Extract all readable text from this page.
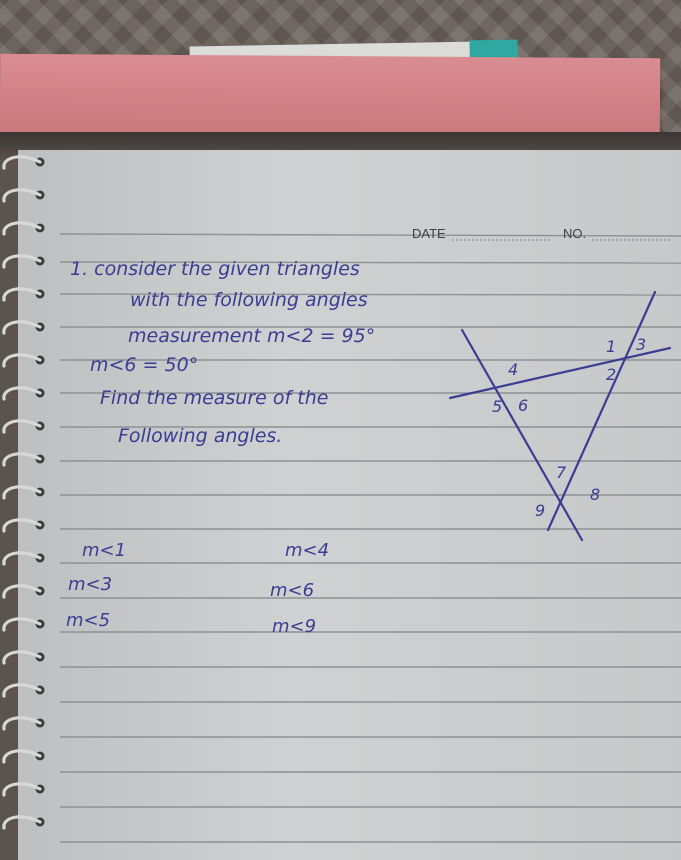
DATE	NO.
1. consider the given triangles
with the following angles
measurement m<2 = 95°
m<6 = 50°
Find the measure of the
Following angles.
1 3
2
4
5 6
7
8
9
m<1
m<3
m<5
m<4
m<6
m<9
